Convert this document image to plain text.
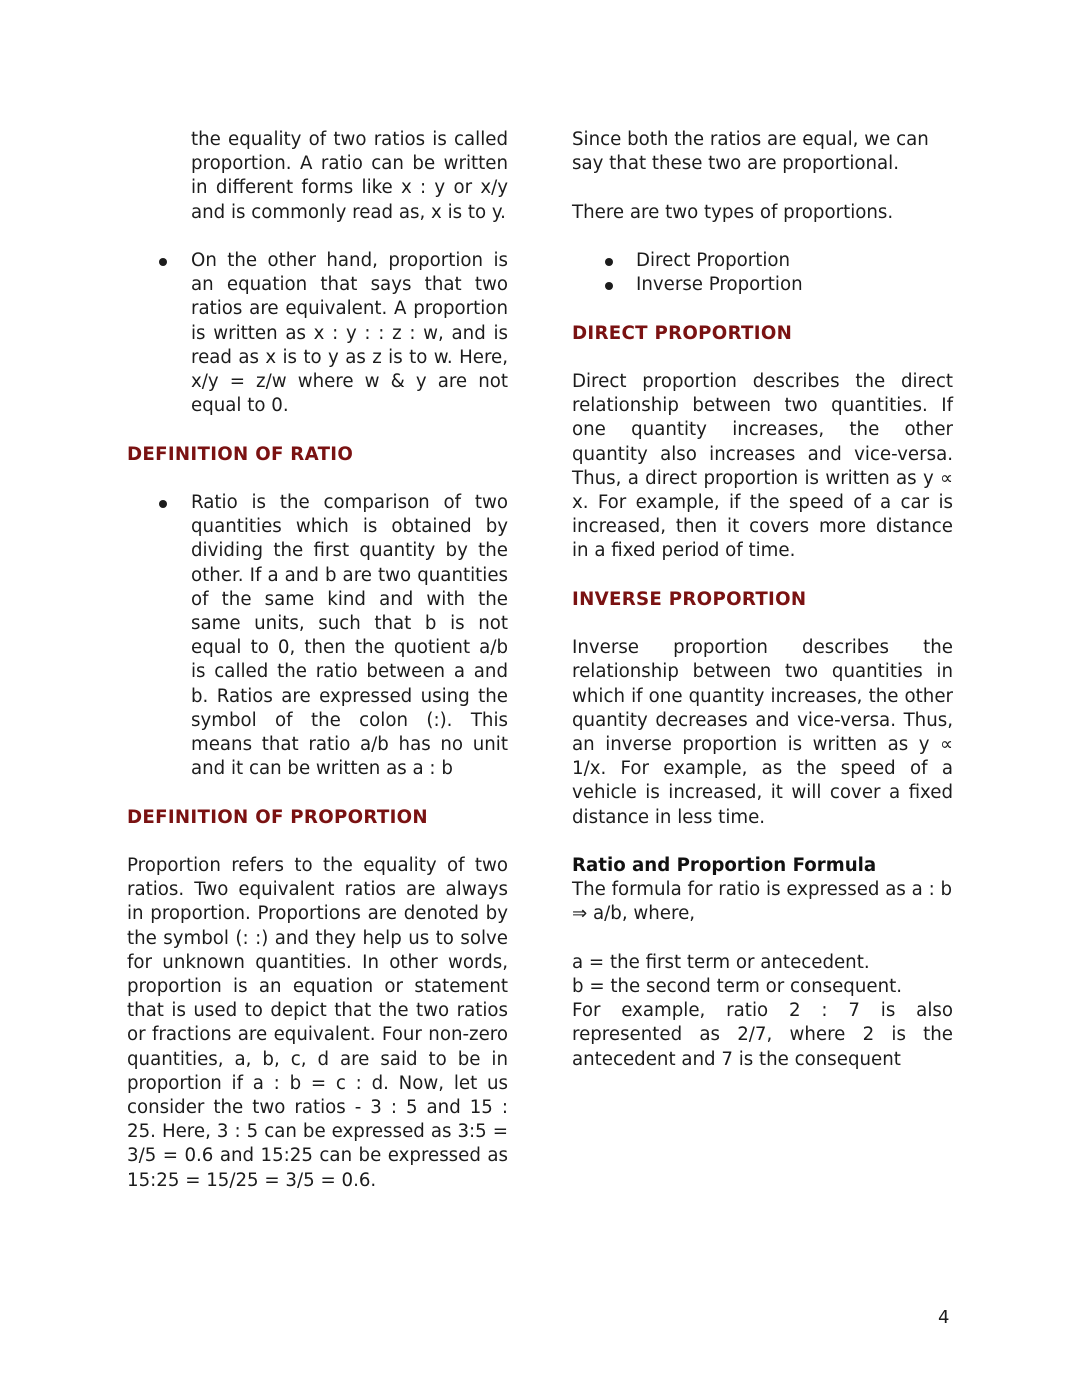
the equality of two ratios is called proportion. A ratio can be written in different forms like x : y or x/y and is commonly read as, x is to y.

On the other hand, proportion is an equation that says that two ratios are equivalent. A proportion is written as x : y : : z : w, and is read as x is to y as z is to w. Here, x/y = z/w where w & y are not equal to 0.
DEFINITION OF RATIO
Ratio is the comparison of two quantities which is obtained by dividing the first quantity by the other. If a and b are two quantities of the same kind and with the same units, such that b is not equal to 0, then the quotient a/b is called the ratio between a and b. Ratios are expressed using the symbol of the colon (:). This means that ratio a/b has no unit and it can be written as a : b
DEFINITION OF PROPORTION

Proportion refers to the equality of two ratios. Two equivalent ratios are always in proportion. Proportions are denoted by the symbol (: :) and they help us to solve for unknown quantities. In other words, proportion is an equation or statement that is used to depict that the two ratios or fractions are equivalent. Four non-zero quantities, a, b, c, d are said to be in proportion if a : b = c : d. Now, let us consider the two ratios - 3 : 5 and 15 : 25. Here, 3 : 5 can be expressed as 3:5 = 3/5 = 0.6 and 15:25 can be expressed as 15:25 = 15/25 = 3/5 = 0.6.

Since both the ratios are equal, we can say that these two are proportional.

There are two types of proportions.

Direct Proportion
Inverse Proportion
DIRECT PROPORTION

Direct proportion describes the direct relationship between two quantities. If one quantity increases, the other quantity also increases and vice-versa. Thus, a direct proportion is written as y ∝ x. For example, if the speed of a car is increased, then it covers more distance in a fixed period of time.

INVERSE PROPORTION

Inverse proportion describes the relationship between two quantities in which if one quantity increases, the other quantity decreases and vice-versa. Thus, an inverse proportion is written as y ∝ 1/x. For example, as the speed of a vehicle is increased, it will cover a fixed distance in less time.

Ratio and Proportion Formula

The formula for ratio is expressed as a : b ⇒ a/b, where,

a = the first term or antecedent.

b = the second term or consequent.

For example, ratio 2 : 7 is also represented as 2/7, where 2 is the antecedent and 7 is the consequent

4
